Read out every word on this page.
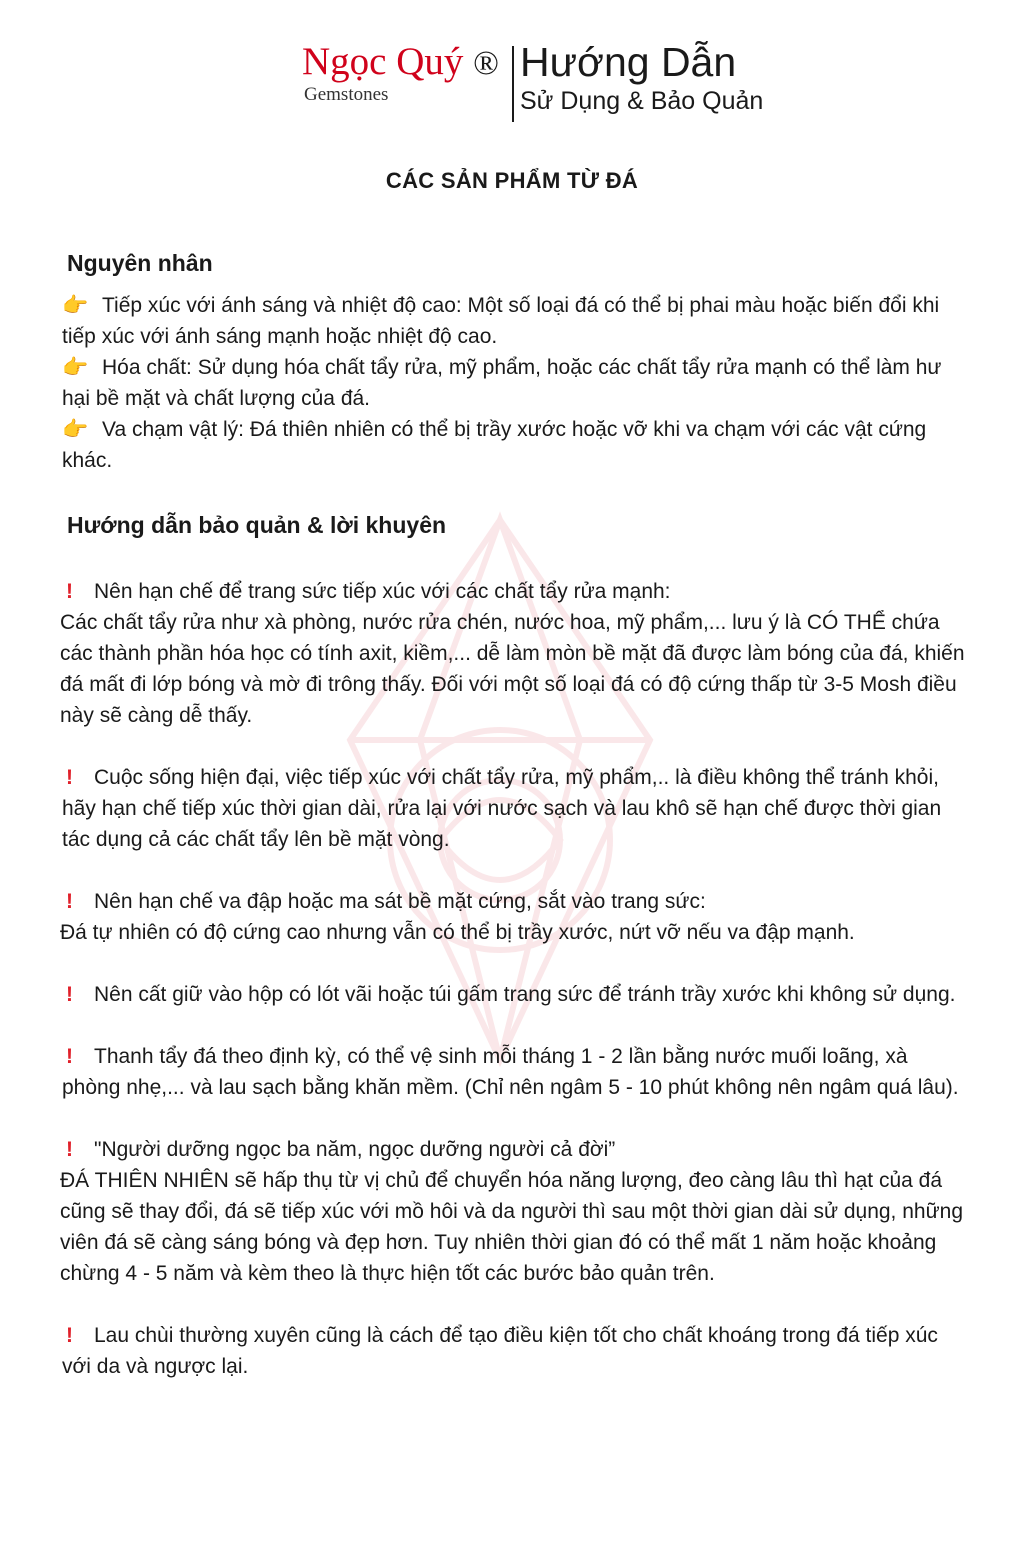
Ngọc Quý ®
Gemstones
Hướng Dẫn
Sử Dụng & Bảo Quản
CÁC SẢN PHẨM TỪ ĐÁ
Nguyên nhân
👉 Tiếp xúc với ánh sáng và nhiệt độ cao: Một số loại đá có thể bị phai màu hoặc biến đổi khi tiếp xúc với ánh sáng mạnh hoặc nhiệt độ cao.
👉 Hóa chất: Sử dụng hóa chất tẩy rửa, mỹ phẩm, hoặc các chất tẩy rửa mạnh có thể làm hư hại bề mặt và chất lượng của đá.
👉 Va chạm vật lý: Đá thiên nhiên có thể bị trầy xước hoặc vỡ khi va chạm với các vật cứng khác.
Hướng dẫn bảo quản & lời khuyên
! Nên hạn chế để trang sức tiếp xúc với các chất tẩy rửa mạnh:
Các chất tẩy rửa như xà phòng, nước rửa chén, nước hoa, mỹ phẩm,... lưu ý là CÓ THỂ chứa các thành phần hóa học có tính axit, kiềm,... dễ làm mòn bề mặt đã được làm bóng của đá, khiến đá mất đi lớp bóng và mờ đi trông thấy. Đối với một số loại đá có độ cứng thấp từ 3-5 Mosh điều này sẽ càng dễ thấy.
! Cuộc sống hiện đại, việc tiếp xúc với chất tẩy rửa, mỹ phẩm,.. là điều không thể tránh khỏi, hãy hạn chế tiếp xúc thời gian dài, rửa lại với nước sạch và lau khô sẽ hạn chế được thời gian tác dụng cả các chất tẩy lên bề mặt vòng.
! Nên hạn chế va đập hoặc ma sát bề mặt cứng, sắt vào trang sức:
Đá tự nhiên có độ cứng cao nhưng vẫn có thể bị trầy xước, nứt vỡ nếu va đập mạnh.
! Nên cất giữ vào hộp có lót vãi hoặc túi gấm trang sức để tránh trầy xước khi không sử dụng.
! Thanh tẩy đá theo định kỳ, có thể vệ sinh mỗi tháng 1 - 2 lần bằng nước muối loãng, xà phòng nhẹ,... và lau sạch bằng khăn mềm. (Chỉ nên ngâm 5 - 10 phút không nên ngâm quá lâu).
! "Người dưỡng ngọc ba năm, ngọc dưỡng người cả đời”
ĐÁ THIÊN NHIÊN sẽ hấp thụ từ vị chủ để chuyển hóa năng lượng, đeo càng lâu thì hạt của đá cũng sẽ thay đổi, đá sẽ tiếp xúc với mồ hôi và da người thì sau một thời gian dài sử dụng, những viên đá sẽ càng sáng bóng và đẹp hơn. Tuy nhiên thời gian đó có thể mất 1 năm hoặc khoảng chừng 4 - 5 năm và kèm theo là thực hiện tốt các bước bảo quản trên.
! Lau chùi thường xuyên cũng là cách để tạo điều kiện tốt cho chất khoáng trong đá tiếp xúc với da và ngược lại.
